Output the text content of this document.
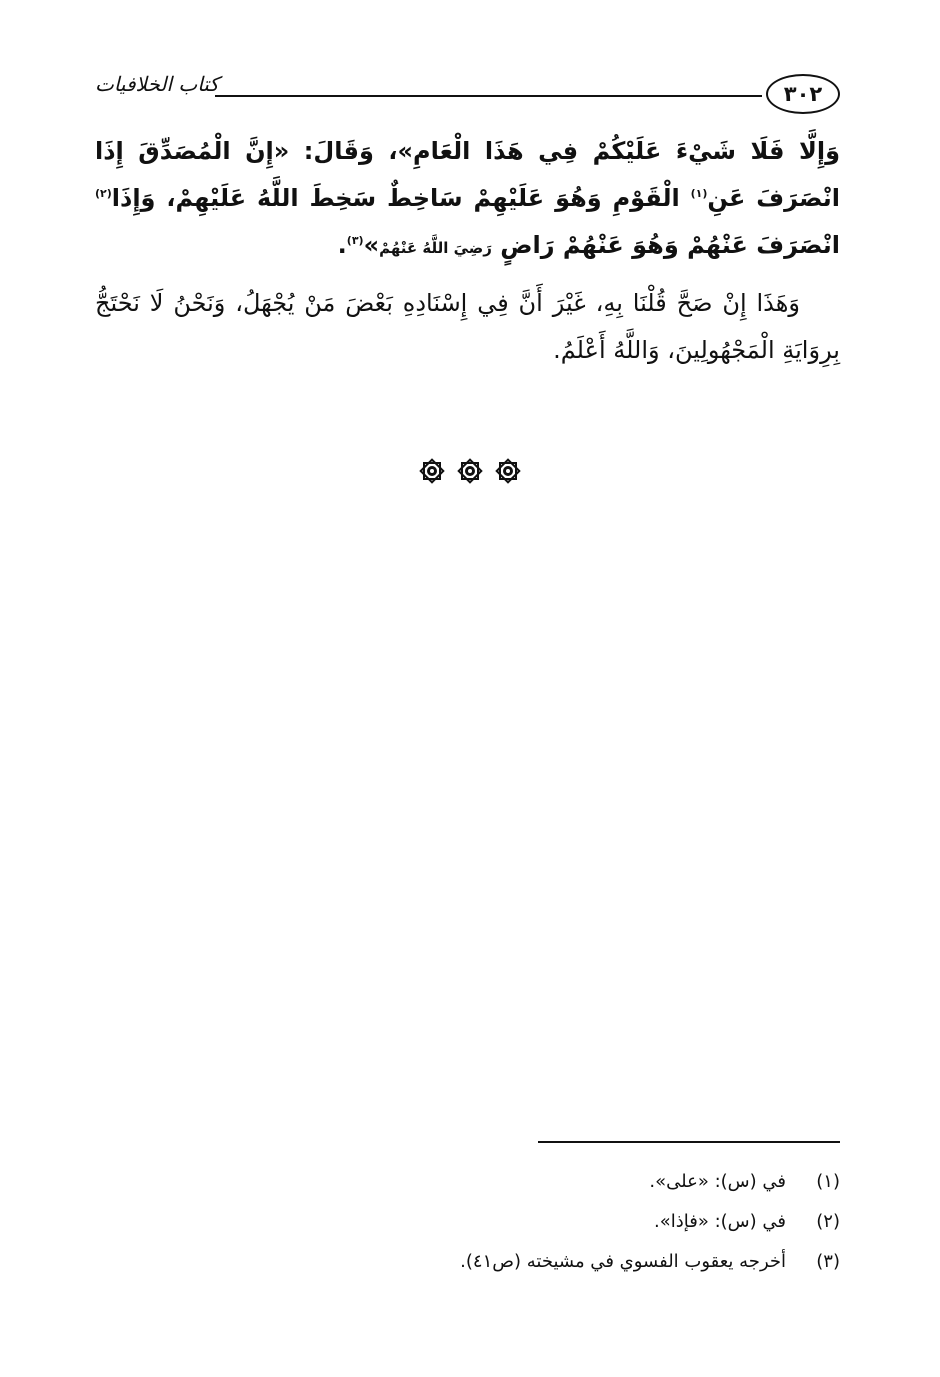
٣٠٢
كتاب الخلافيات

وَإِلَّا فَلَا شَيْءَ عَلَيْكُمْ فِي هَذَا الْعَامِ»، وَقَالَ: «إِنَّ الْمُصَدِّقَ إِذَا انْصَرَفَ عَنِ$^{(١)}$ الْقَوْمِ وَهُوَ عَلَيْهِمْ سَاخِطٌ سَخِطَ اللَّهُ عَلَيْهِمْ، وَإِذَا$^{(٢)}$ انْصَرَفَ عَنْهُمْ وَهُوَ عَنْهُمْ رَاضٍ رَضِيَ اللَّهُ عَنْهُمْ»$^{(٣)}$.

وَهَذَا إِنْ صَحَّ قُلْنَا بِهِ، غَيْرَ أَنَّ فِي إِسْنَادِهِ بَعْضَ مَنْ يُجْهَلُ، وَنَحْنُ لَا نَحْتَجُّ بِرِوَايَةِ الْمَجْهُولِينَ، وَاللَّهُ أَعْلَمُ.

(١)
في (س): «على».
(٢)
في (س): «فإذا».
(٣)
أخرجه يعقوب الفسوي في مشيخته (ص٤١).
